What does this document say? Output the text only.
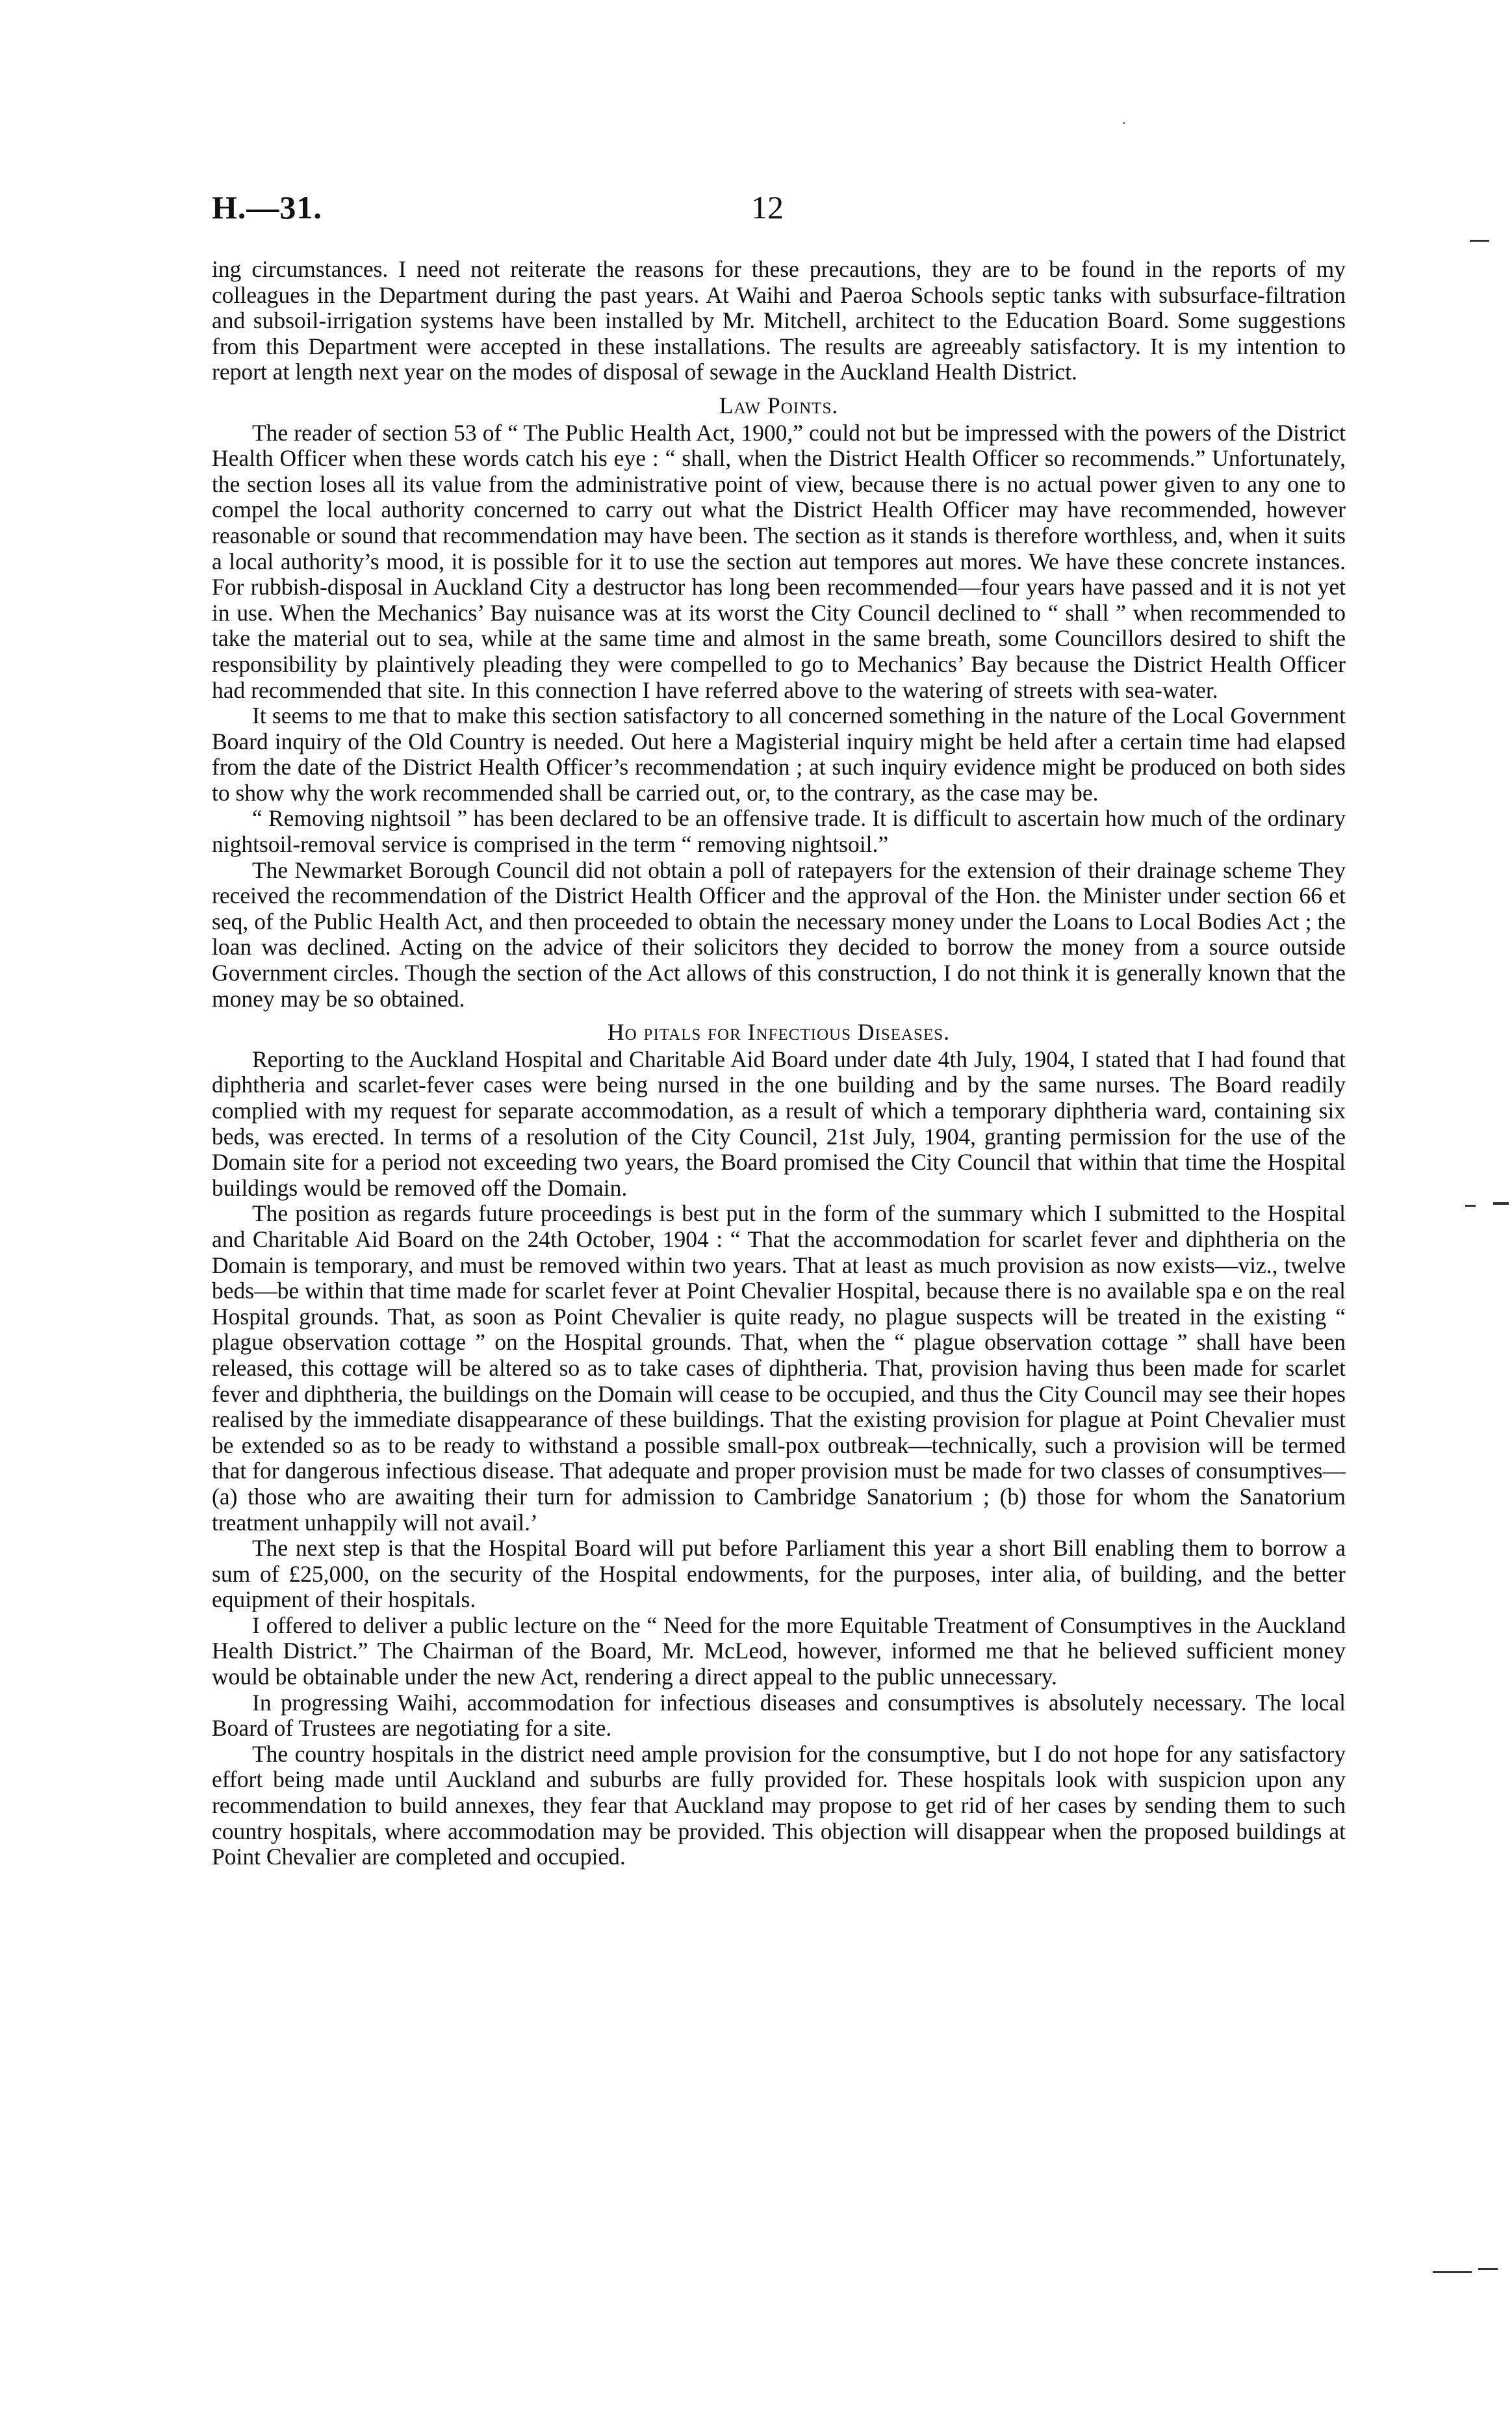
H.—31.	12

ing circumstances. I need not reiterate the reasons for these precautions, they are to be found in the reports of my colleagues in the Department during the past years. At Waihi and Paeroa Schools septic tanks with subsurface-filtration and subsoil-irrigation systems have been installed by Mr. Mitchell, architect to the Education Board. Some suggestions from this Department were accepted in these installations. The results are agreeably satisfactory. It is my intention to report at length next year on the modes of disposal of sewage in the Auckland Health District.

Law Points.

The reader of section 53 of “ The Public Health Act, 1900,” could not but be impressed with the powers of the District Health Officer when these words catch his eye : “ shall, when the District Health Officer so recommends.” Unfortunately, the section loses all its value from the administrative point of view, because there is no actual power given to any one to compel the local authority concerned to carry out what the District Health Officer may have recommended, however reasonable or sound that recommendation may have been. The section as it stands is therefore worthless, and, when it suits a local authority’s mood, it is possible for it to use the section aut tempores aut mores. We have these concrete instances. For rubbish-disposal in Auckland City a destructor has long been recommended—four years have passed and it is not yet in use. When the Mechanics’ Bay nuisance was at its worst the City Council declined to “ shall ” when recommended to take the material out to sea, while at the same time and almost in the same breath, some Councillors desired to shift the responsibility by plaintively pleading they were compelled to go to Mechanics’ Bay because the District Health Officer had recommended that site. In this connection I have referred above to the watering of streets with sea-water.

It seems to me that to make this section satisfactory to all concerned something in the nature of the Local Government Board inquiry of the Old Country is needed. Out here a Magisterial inquiry might be held after a certain time had elapsed from the date of the District Health Officer’s recommendation ; at such inquiry evidence might be produced on both sides to show why the work recommended shall be carried out, or, to the contrary, as the case may be.

“ Removing nightsoil ” has been declared to be an offensive trade. It is difficult to ascertain how much of the ordinary nightsoil-removal service is comprised in the term “ removing nightsoil.”

The Newmarket Borough Council did not obtain a poll of ratepayers for the extension of their drainage scheme They received the recommendation of the District Health Officer and the approval of the Hon. the Minister under section 66 et seq, of the Public Health Act, and then proceeded to obtain the necessary money under the Loans to Local Bodies Act ; the loan was declined. Acting on the advice of their solicitors they decided to borrow the money from a source outside Government circles. Though the section of the Act allows of this construction, I do not think it is generally known that the money may be so obtained.

Ho pitals for Infectious Diseases.

Reporting to the Auckland Hospital and Charitable Aid Board under date 4th July, 1904, I stated that I had found that diphtheria and scarlet-fever cases were being nursed in the one building and by the same nurses. The Board readily complied with my request for separate accommodation, as a result of which a temporary diphtheria ward, containing six beds, was erected. In terms of a resolution of the City Council, 21st July, 1904, granting permission for the use of the Domain site for a period not exceeding two years, the Board promised the City Council that within that time the Hospital buildings would be removed off the Domain.

The position as regards future proceedings is best put in the form of the summary which I submitted to the Hospital and Charitable Aid Board on the 24th October, 1904 : “ That the accommodation for scarlet fever and diphtheria on the Domain is temporary, and must be removed within two years. That at least as much provision as now exists—viz., twelve beds—be within that time made for scarlet fever at Point Chevalier Hospital, because there is no available spa e on the real Hospital grounds. That, as soon as Point Chevalier is quite ready, no plague suspects will be treated in the existing “ plague observation cottage ” on the Hospital grounds. That, when the “ plague observation cottage ” shall have been released, this cottage will be altered so as to take cases of diphtheria. That, provision having thus been made for scarlet fever and diphtheria, the buildings on the Domain will cease to be occupied, and thus the City Council may see their hopes realised by the immediate disappearance of these buildings. That the existing provision for plague at Point Chevalier must be extended so as to be ready to withstand a possible small-pox outbreak—technically, such a provision will be termed that for dangerous infectious disease. That adequate and proper provision must be made for two classes of consumptives—(a) those who are awaiting their turn for admission to Cambridge Sanatorium ; (b) those for whom the Sanatorium treatment unhappily will not avail.’

The next step is that the Hospital Board will put before Parliament this year a short Bill enabling them to borrow a sum of £25,000, on the security of the Hospital endowments, for the purposes, inter alia, of building, and the better equipment of their hospitals.

I offered to deliver a public lecture on the “ Need for the more Equitable Treatment of Consumptives in the Auckland Health District.” The Chairman of the Board, Mr. McLeod, however, informed me that he believed sufficient money would be obtainable under the new Act, rendering a direct appeal to the public unnecessary.

In progressing Waihi, accommodation for infectious diseases and consumptives is absolutely necessary. The local Board of Trustees are negotiating for a site.

The country hospitals in the district need ample provision for the consumptive, but I do not hope for any satisfactory effort being made until Auckland and suburbs are fully provided for. These hospitals look with suspicion upon any recommendation to build annexes, they fear that Auckland may propose to get rid of her cases by sending them to such country hospitals, where accommodation may be provided. This objection will disappear when the proposed buildings at Point Chevalier are completed and occupied.
